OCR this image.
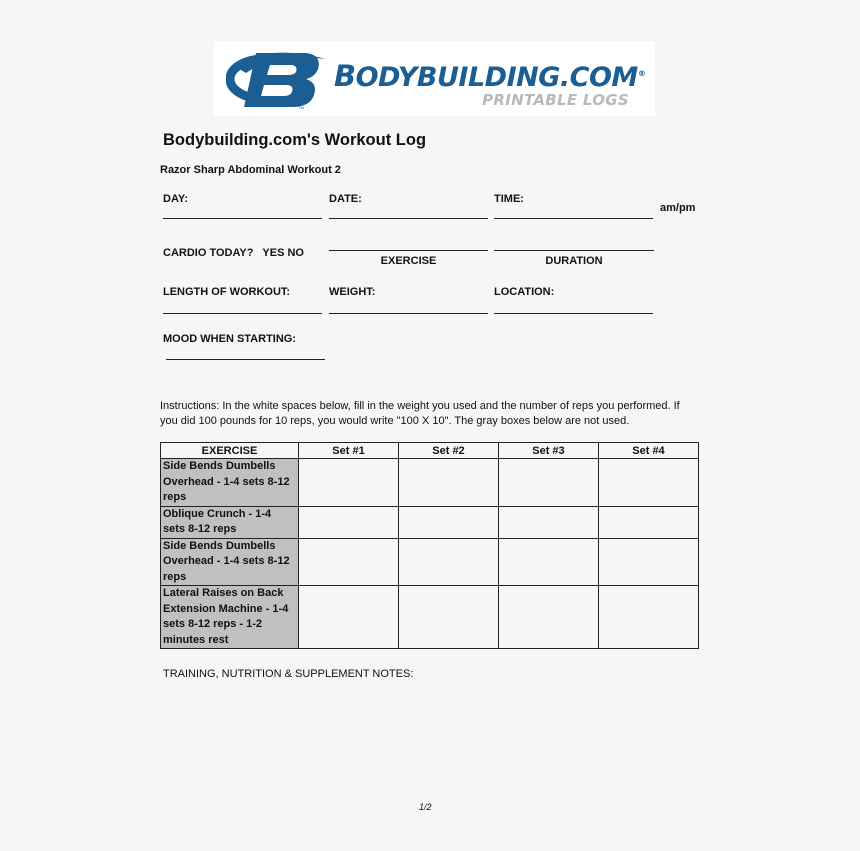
TM
BODYBUILDING.COM®
PRINTABLE LOGS
Bodybuilding.com's Workout Log
Razor Sharp Abdominal Workout 2
DAY:	DATE:	TIME:
am/pm
CARDIO TODAY?   YES NO
EXERCISE	DURATION
LENGTH OF WORKOUT:	WEIGHT:	LOCATION:
MOOD WHEN STARTING:
Instructions: In the white spaces below, fill in the weight you used and the number of reps you performed. If you did 100 pounds for 10 reps, you would write "100 X 10". The gray boxes below are not used.
EXERCISE	Set #1	Set #2	Set #3	Set #4
Side Bends Dumbells Overhead - 1-4 sets 8-12 reps				
Oblique Crunch - 1-4 sets 8-12 reps				
Side Bends Dumbells Overhead - 1-4 sets 8-12 reps				
Lateral Raises on Back Extension Machine - 1-4 sets 8-12 reps - 1-2 minutes rest				
TRAINING, NUTRITION & SUPPLEMENT NOTES:
1/2
